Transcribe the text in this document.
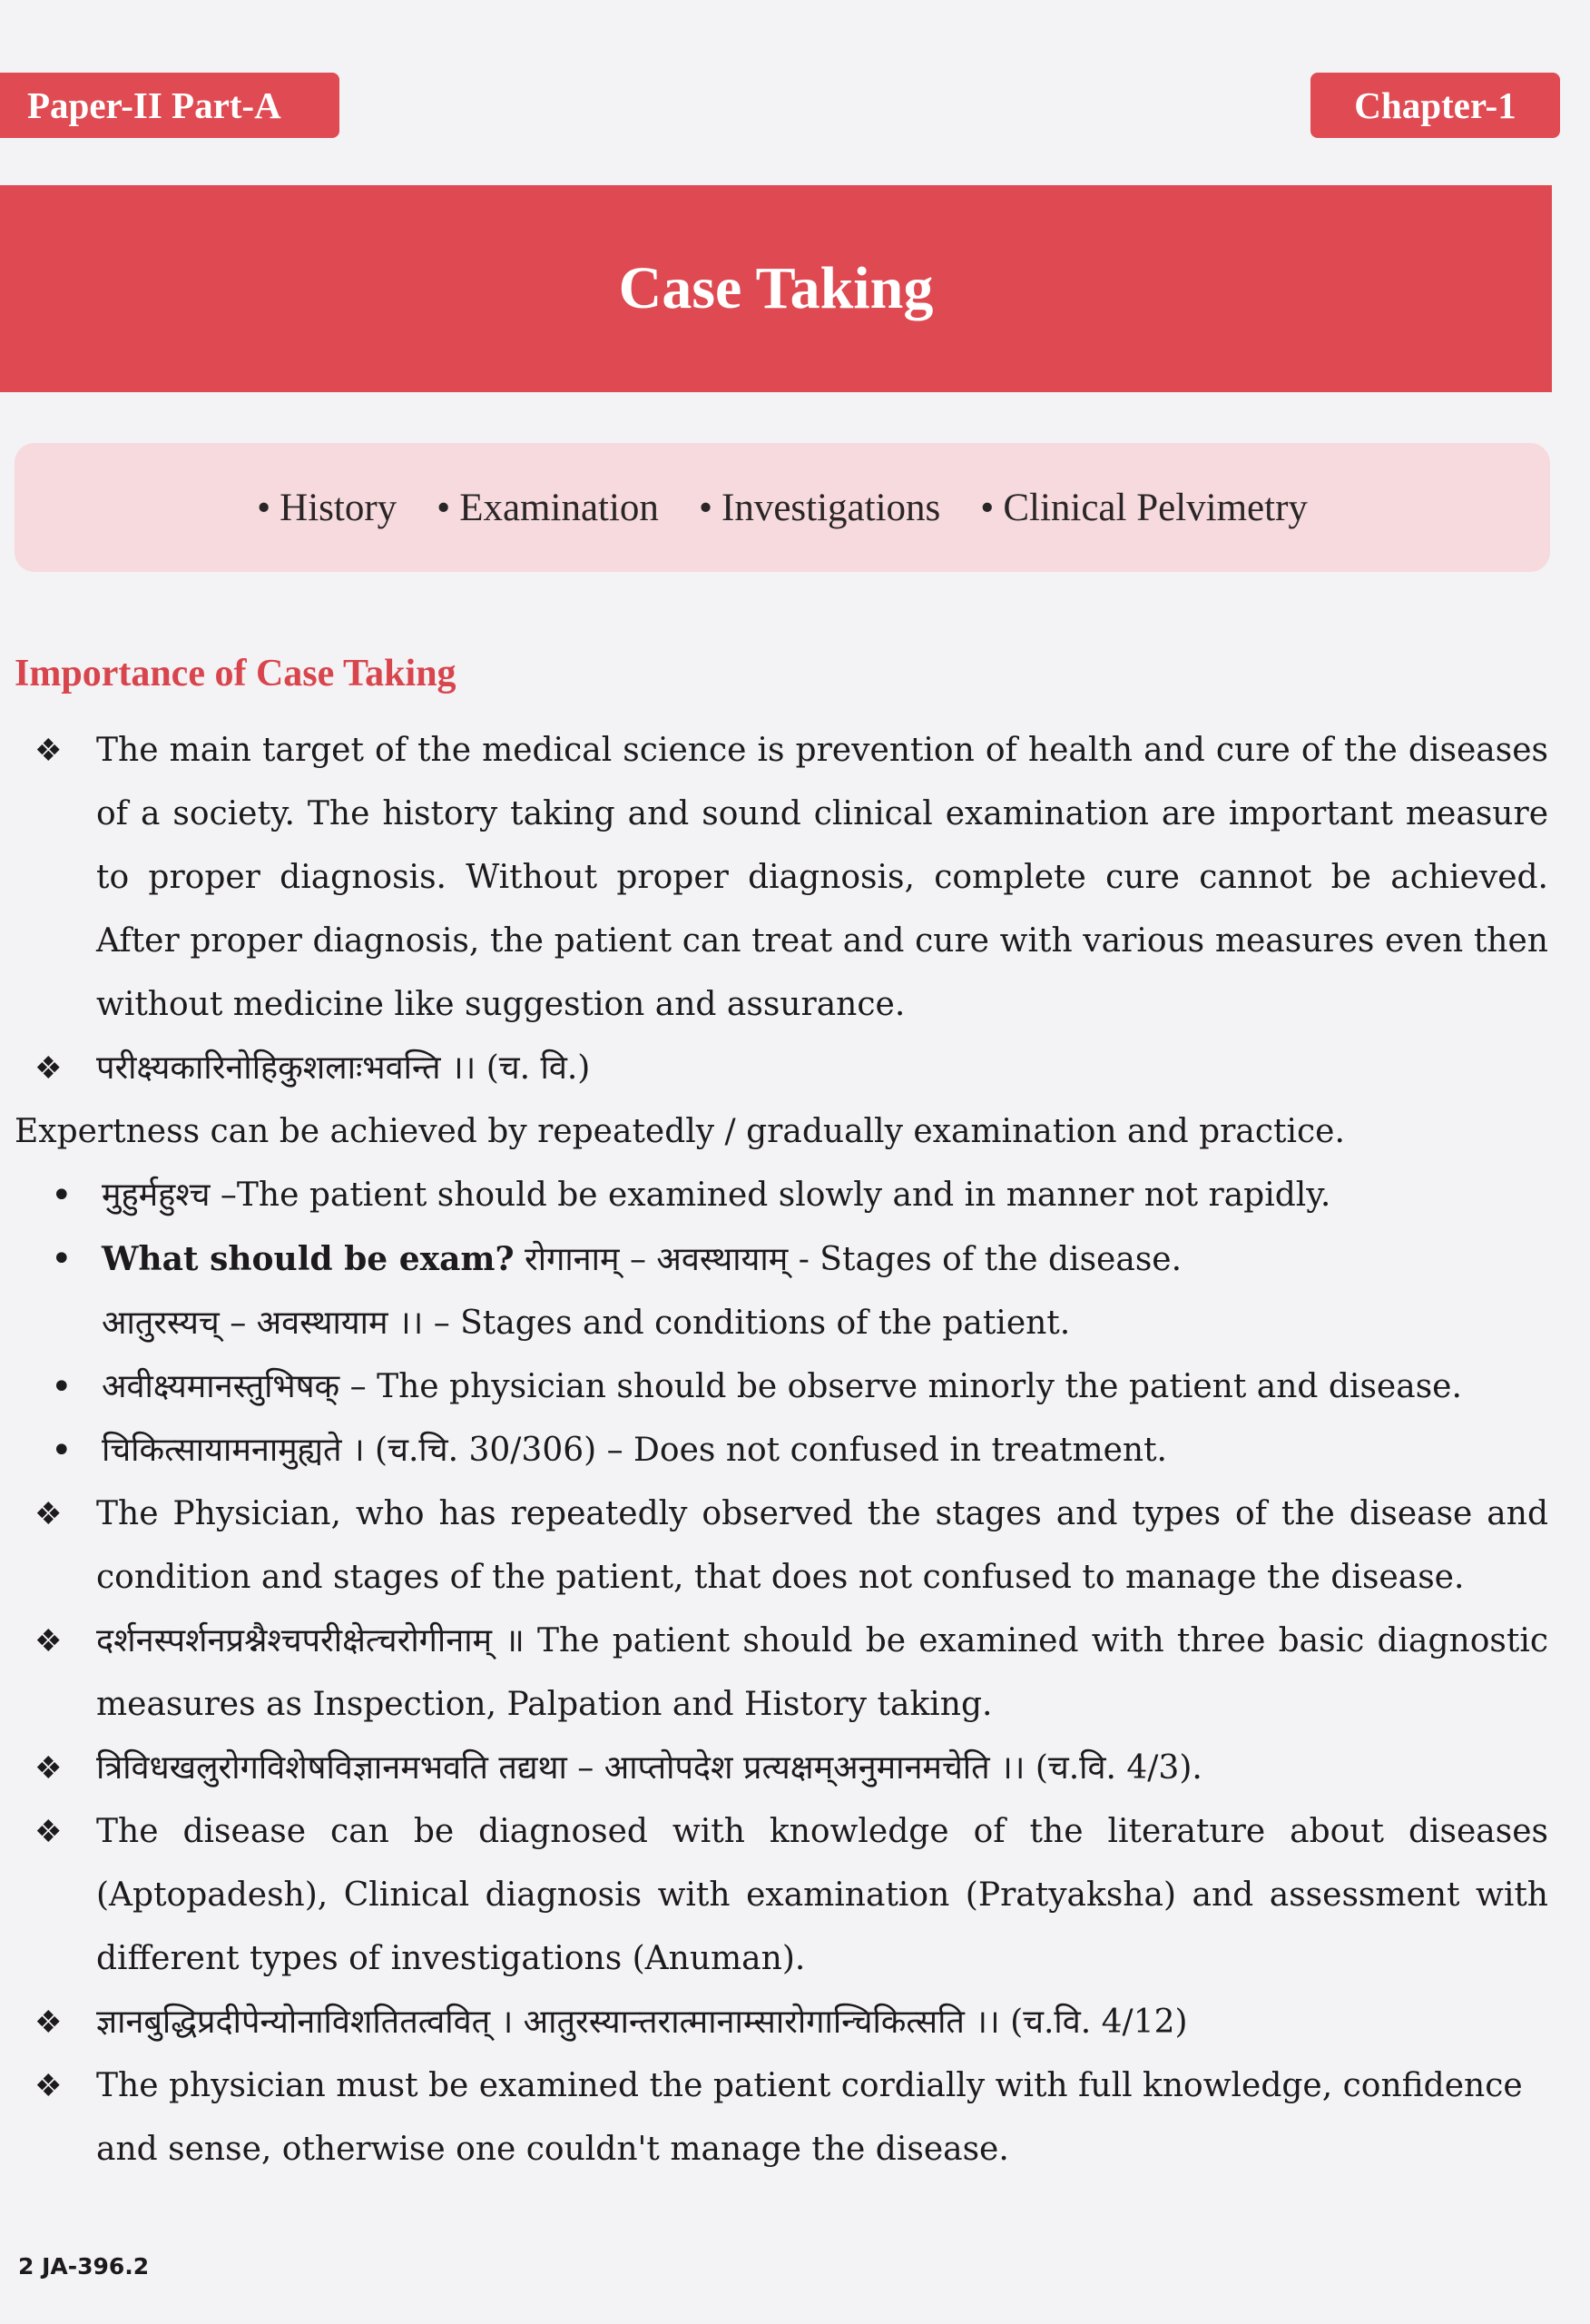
Paper-II Part-A	Chapter-1
Case Taking
• History • Examination • Investigations • Clinical Pelvimetry
Importance of Case Taking
❖	The main target of the medical science is prevention of health and cure of the diseases of a society. The history taking and sound clinical examination are important measure to proper diagnosis. Without proper diagnosis, complete cure cannot be achieved. After proper diagnosis, the patient can treat and cure with various measures even then without medicine like suggestion and assurance.
❖	परीक्ष्यकारिनोहिकुशलाःभवन्ति ।। (च. वि.)
Expertness can be achieved by repeatedly / gradually examination and practice.
• मुहुर्महुश्च –The patient should be examined slowly and in manner not rapidly.
• What should be exam? रोगानाम् – अवस्थायाम् - Stages of the disease.
आतुरस्यच् – अवस्थायाम ।। – Stages and conditions of the patient.
• अवीक्ष्यमानस्तुभिषक् – The physician should be observe minorly the patient and disease.
• चिकित्सायामनामुह्यते । (च.चि. 30/306) – Does not confused in treatment.
❖	The Physician, who has repeatedly observed the stages and types of the disease and condition and stages of the patient, that does not confused to manage the disease.
❖	दर्शनस्पर्शनप्रश्नैश्चपरीक्षेत्चरोगीनाम् ॥ The patient should be examined with three basic diagnostic measures as Inspection, Palpation and History taking.
❖	त्रिविधखलुरोगविशेषविज्ञानमभवति तद्यथा – आप्तोपदेश प्रत्यक्षम्अनुमानमचेति ।। (च.वि. 4/3).
❖	The disease can be diagnosed with knowledge of the literature about diseases (Aptopadesh), Clinical diagnosis with examination (Pratyaksha) and assessment with different types of investigations (Anuman).
❖	ज्ञानबुद्धिप्रदीपेन्योनाविशतितत्ववित् । आतुरस्यान्तरात्मानाम्सारोगान्चिकित्सति ।। (च.वि. 4/12)
❖	The physician must be examined the patient cordially with full knowledge, confidence and sense, otherwise one couldn't manage the disease.
2 JA-396.2
